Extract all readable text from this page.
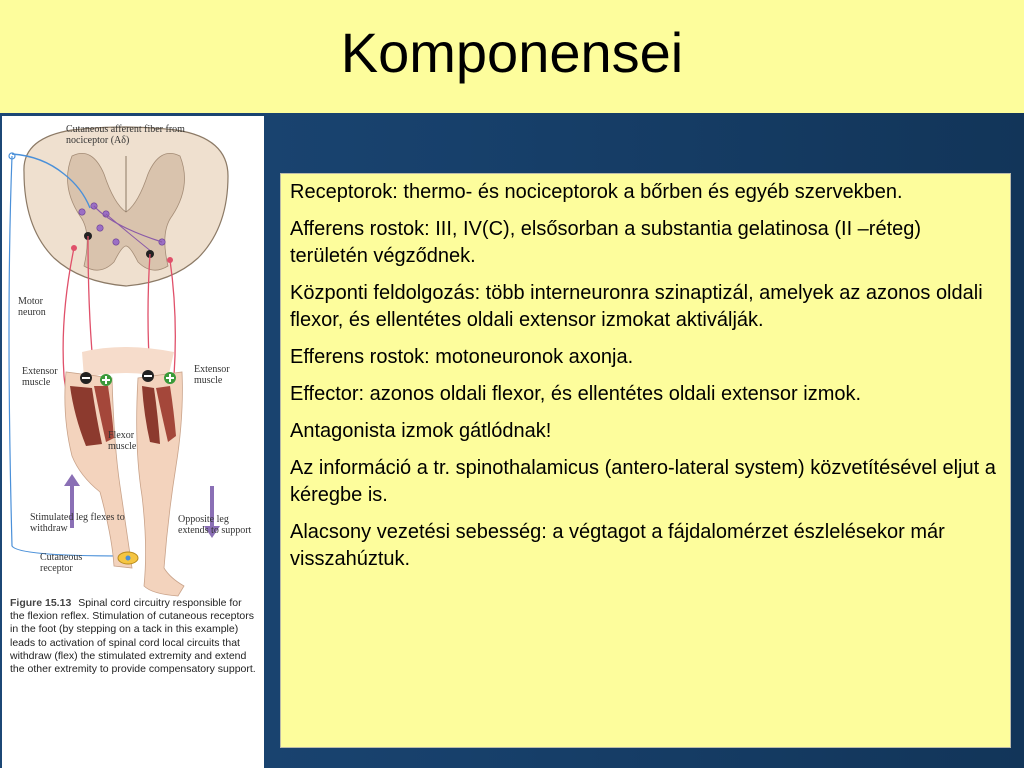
Komponensei
Cutaneous afferent fiber from nociceptor (Aδ)
Motor neuron
Extensor muscle
Extensor muscle
Flexor muscle
Stimulated leg flexes to withdraw
Opposite leg extends to support
Cutaneous receptor
Figure 15.13 Spinal cord circuitry responsible for the flexion reflex. Stimulation of cutaneous receptors in the foot (by stepping on a tack in this example) leads to activation of spinal cord local circuits that withdraw (flex) the stimulated extremity and extend the other extremity to provide compensatory support.

Receptorok: thermo- és nociceptorok a bőrben és egyéb szervekben.

Afferens rostok: III, IV(C), elsősorban a substantia gelatinosa (II –réteg) területén végződnek.

Központi feldolgozás: több interneuronra szinaptizál, amelyek az azonos oldali flexor, és ellentétes oldali extensor izmokat aktiválják.

Efferens rostok: motoneuronok axonja.

Effector: azonos oldali flexor, és ellentétes oldali extensor izmok.

Antagonista izmok gátlódnak!

Az információ a tr. spinothalamicus (antero-lateral system) közvetítésével eljut a kéregbe is.

Alacsony vezetési sebesség: a végtagot a fájdalomérzet észlelésekor már visszahúztuk.
